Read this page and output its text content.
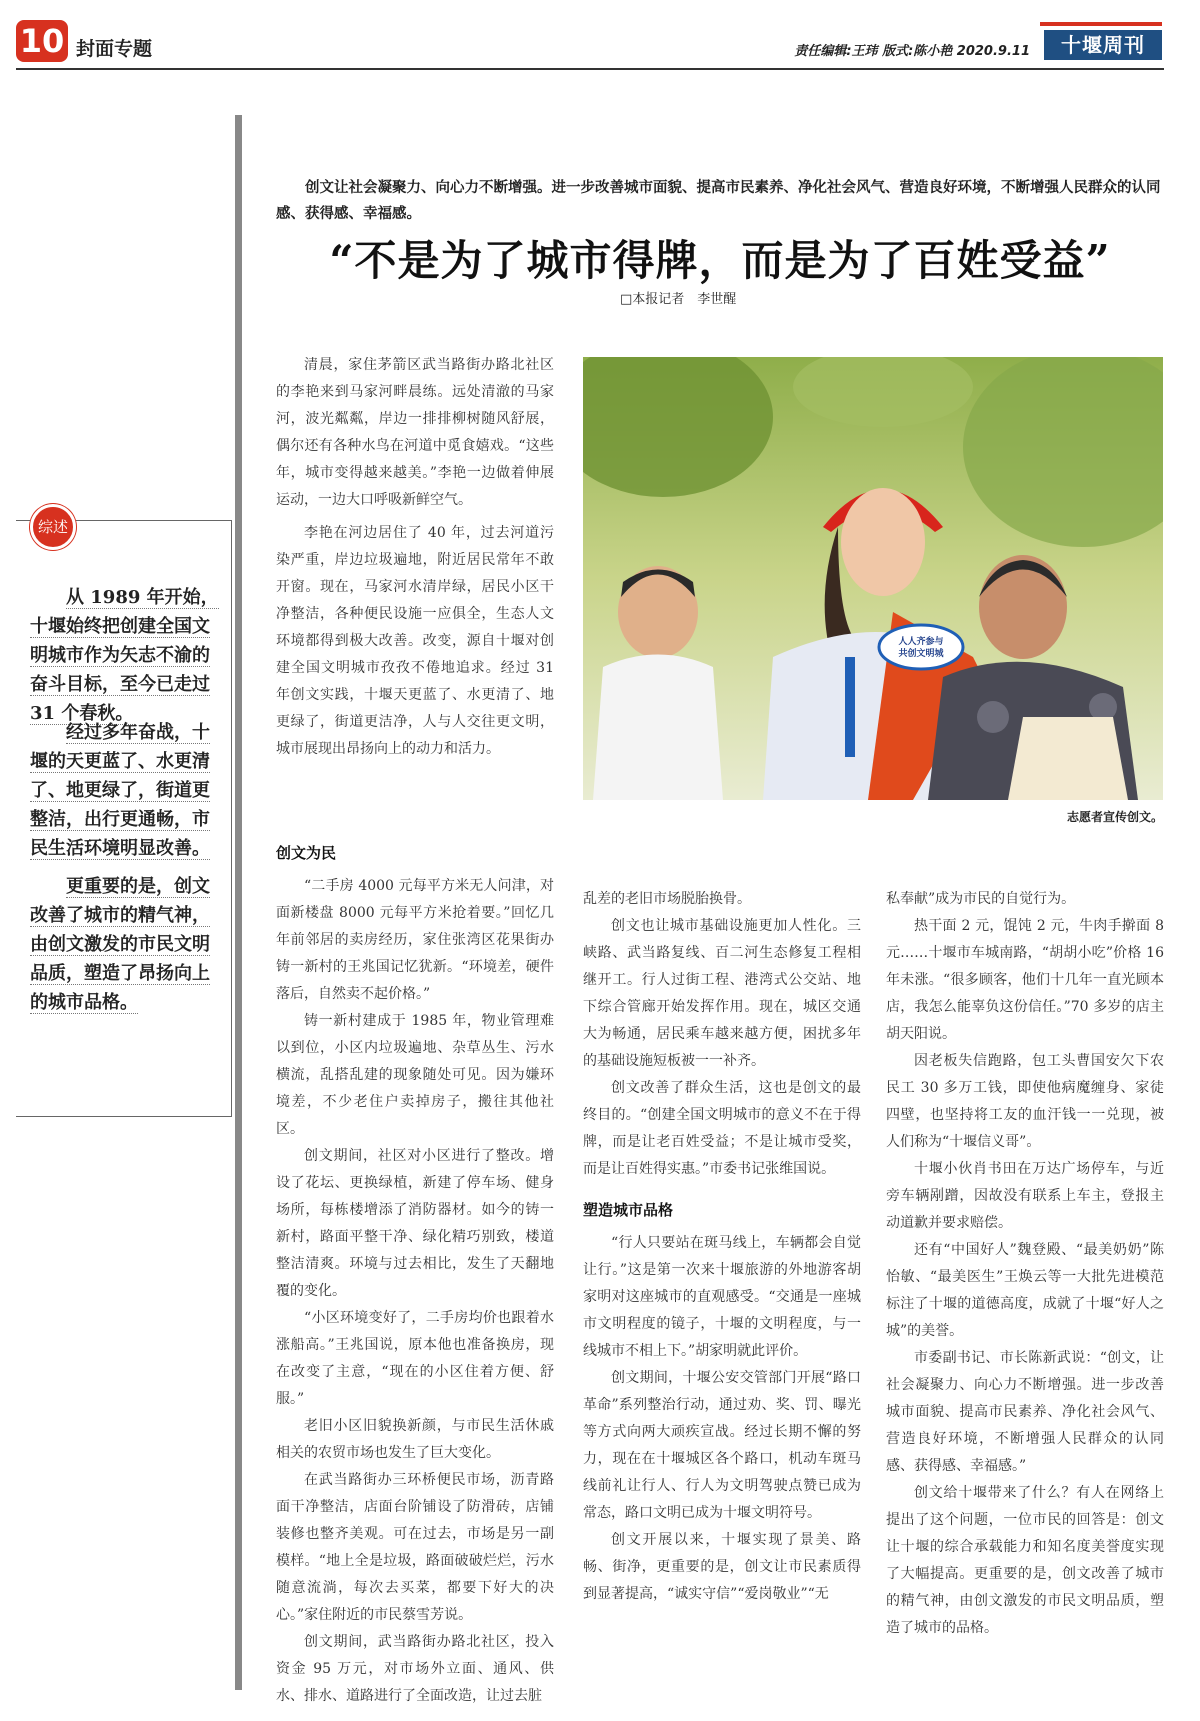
10 封面专题	责任编辑:王玮 版式:陈小艳 2020.9.11	十堰周刊
综述
从 1989 年开始，十堰始终把创建全国文明城市作为矢志不渝的奋斗目标，至今已走过 31 个春秋。
经过多年奋战，十堰的天更蓝了、水更清了、地更绿了，街道更整洁，出行更通畅，市民生活环境明显改善。
更重要的是，创文改善了城市的精气神，由创文激发的市民文明品质，塑造了昂扬向上的城市品格。
创文让社会凝聚力、向心力不断增强。进一步改善城市面貌、提高市民素养、净化社会风气、营造良好环境，不断增强人民群众的认同感、获得感、幸福感。
“不是为了城市得牌，而是为了百姓受益”
□本报记者　李世醒

清晨，家住茅箭区武当路街办路北社区的李艳来到马家河畔晨练。远处清澈的马家河，波光粼粼，岸边一排排柳树随风舒展，偶尔还有各种水鸟在河道中觅食嬉戏。“这些年，城市变得越来越美。”李艳一边做着伸展运动，一边大口呼吸新鲜空气。

李艳在河边居住了 40 年，过去河道污染严重，岸边垃圾遍地，附近居民常年不敢开窗。现在，马家河水清岸绿，居民小区干净整洁，各种便民设施一应俱全，生态人文环境都得到极大改善。改变，源自十堰对创建全国文明城市孜孜不倦地追求。经过 31 年创文实践，十堰天更蓝了、水更清了、地更绿了，街道更洁净，人与人交往更文明，城市展现出昂扬向上的动力和活力。

人人齐参与
共创文明城
志愿者宣传创文。
创文为民

“二手房 4000 元每平方米无人问津，对面新楼盘 8000 元每平方米抢着要。”回忆几年前邻居的卖房经历，家住张湾区花果街办铸一新村的王兆国记忆犹新。“环境差，硬件落后，自然卖不起价格。”

铸一新村建成于 1985 年，物业管理难以到位，小区内垃圾遍地、杂草丛生、污水横流，乱搭乱建的现象随处可见。因为嫌环境差，不少老住户卖掉房子，搬往其他社区。

创文期间，社区对小区进行了整改。增设了花坛、更换绿植，新建了停车场、健身场所，每栋楼增添了消防器材。如今的铸一新村，路面平整干净、绿化精巧别致，楼道整洁清爽。环境与过去相比，发生了天翻地覆的变化。

“小区环境变好了，二手房均价也跟着水涨船高。”王兆国说，原本他也准备换房，现在改变了主意，“现在的小区住着方便、舒服。”

老旧小区旧貌换新颜，与市民生活休戚相关的农贸市场也发生了巨大变化。

在武当路街办三环桥便民市场，沥青路面干净整洁，店面台阶铺设了防滑砖，店铺装修也整齐美观。可在过去，市场是另一副模样。“地上全是垃圾，路面破破烂烂，污水随意流淌，每次去买菜，都要下好大的决心。”家住附近的市民蔡雪芳说。

创文期间，武当路街办路北社区，投入资金 95 万元，对市场外立面、通风、供水、排水、道路进行了全面改造，让过去脏

乱差的老旧市场脱胎换骨。

创文也让城市基础设施更加人性化。三峡路、武当路复线、百二河生态修复工程相继开工。行人过街工程、港湾式公交站、地下综合管廊开始发挥作用。现在，城区交通大为畅通，居民乘车越来越方便，困扰多年的基础设施短板被一一补齐。

创文改善了群众生活，这也是创文的最终目的。“创建全国文明城市的意义不在于得牌，而是让老百姓受益；不是让城市受奖，而是让百姓得实惠。”市委书记张维国说。

塑造城市品格

“行人只要站在斑马线上，车辆都会自觉让行。”这是第一次来十堰旅游的外地游客胡家明对这座城市的直观感受。“交通是一座城市文明程度的镜子，十堰的文明程度，与一线城市不相上下。”胡家明就此评价。

创文期间，十堰公安交管部门开展“路口革命”系列整治行动，通过劝、奖、罚、曝光等方式向两大顽疾宣战。经过长期不懈的努力，现在在十堰城区各个路口，机动车斑马线前礼让行人、行人为文明驾驶点赞已成为常态，路口文明已成为十堰文明符号。

创文开展以来，十堰实现了景美、路畅、街净，更重要的是，创文让市民素质得到显著提高，“诚实守信”“爱岗敬业”“无

私奉献”成为市民的自觉行为。

热干面 2 元，馄饨 2 元，牛肉手擀面 8 元……十堰市车城南路，“胡胡小吃”价格 16 年未涨。“很多顾客，他们十几年一直光顾本店，我怎么能辜负这份信任。”70 多岁的店主胡天阳说。

因老板失信跑路，包工头曹国安欠下农民工 30 多万工钱，即使他病魔缠身、家徒四壁，也坚持将工友的血汗钱一一兑现，被人们称为“十堰信义哥”。

十堰小伙肖书田在万达广场停车，与近旁车辆剐蹭，因故没有联系上车主，登报主动道歉并要求赔偿。

还有“中国好人”魏登殿、“最美奶奶”陈怡敏、“最美医生”王焕云等一大批先进模范标注了十堰的道德高度，成就了十堰“好人之城”的美誉。

市委副书记、市长陈新武说：“创文，让社会凝聚力、向心力不断增强。进一步改善城市面貌、提高市民素养、净化社会风气、营造良好环境，不断增强人民群众的认同感、获得感、幸福感。”

创文给十堰带来了什么？有人在网络上提出了这个问题，一位市民的回答是：创文让十堰的综合承载能力和知名度美誉度实现了大幅提高。更重要的是，创文改善了城市的精气神，由创文激发的市民文明品质，塑造了城市的品格。
